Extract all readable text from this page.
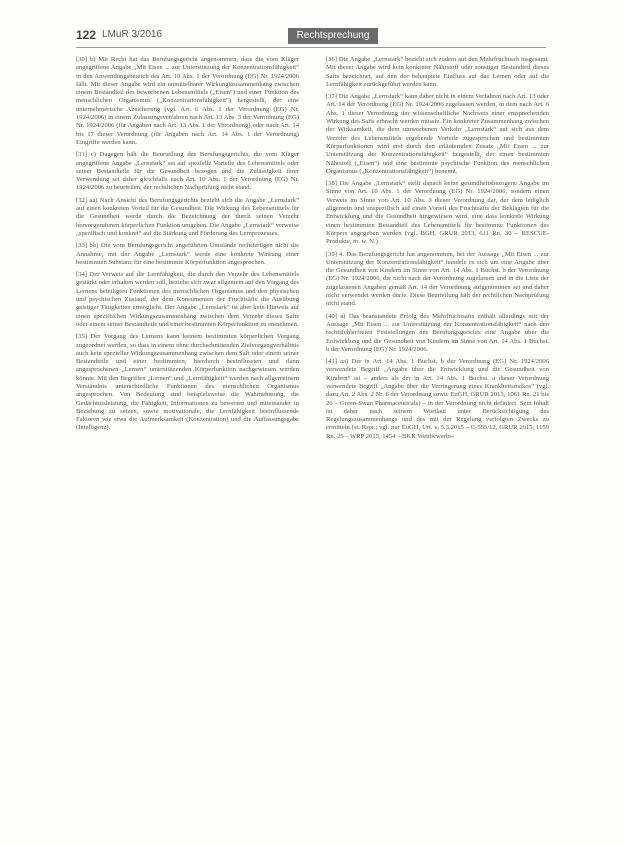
122 LMuR 3/2016	Rechtsprechung

[30] b) Mit Recht hat das Berufungsgericht angenommen, dass die vom Kläger angegriffene Angabe „Mit Eisen ... zur Unterstützung der Konzentrationsfähigkeit“ in den Anwendungsbereich des Art. 10 Abs. 1 der Verordnung (EG) Nr. 1924/2006 fällt. Mit dieser Angabe wird ein unmittelbarer Wirkungszusammenhang zwischen einem Bestandteil des beworbenen Lebensmittels („Eisen“) und einer Funktion des menschlichen Organismus („Konzentrationsfähigkeit“) hergestellt, der eine unternehmerische Absicherung (vgl. Art. 6 Abs. 1 der Verordnung (EG) Nr. 1924/2006) in einem Zulassungsverfahren nach Art. 13 Abs. 3 der Verordnung (EG) Nr. 1924/2006 (für Angaben nach Art. 13 Abs. 1 der Verordnung) oder nach Art. 14 bis 17 dieser Verordnung (für Angaben nach Art. 14 Abs. 1 der Verordnung) Eingriffe werden kann.

[31] c) Dagegen hält die Beurteilung des Berufungsgerichts, die vom Kläger angegriffene Angabe „Lernstark“ sei auf spezielle Vorteile des Lebensmittels oder seiner Bestandteile für die Gesundheit bezogen und die Zulässigkeit ihrer Verwendung sei daher gleichfalls nach Art. 10 Abs. 1 der Verordnung (EG) Nr. 1924/2006 zu beurteilen, der rechtlichen Nachprüfung nicht stand.

[32] aa) Nach Ansicht des Berufungsgerichts bezieht sich die Angabe „Lernstark“ auf einen konkreten Vorteil für die Gesundheit. Die Wirkung des Lebensmittels für die Gesundheit werde durch die Bezeichnung der durch seinen Verzehr hervorgerufenen körperlichen Funktion umgeben. Die Angabe „Lernstark“ verweise „spezifisch und konkret“ auf die Stärkung und Förderung des Lernprozesses.

[33] bb) Die vom Berufungsgericht angeführten Umstände rechtfertigen nicht die Annahme, mit der Angabe „Lernstark“ werde eine konkrete Wirkung einer bestimmten Substanz für eine bestimmte Körperfunktion angesprochen.

[34] Der Verweis auf die Lernfähigkeit, die durch den Verzehr des Lebensmittels gestärkt oder erhalten werden soll, beziehe sich zwar allgemein auf den Vorgang des Lernens beteiligten Funktionen des menschlichen Organismus und den physischen und psychischen Zustand, der dem Konsumenten der Fruchtsäfte die Ausübung geistiger Tätigkeiten ermöglicht. Der Angabe „Lernstark“ ist aber kein Hinweis auf einen spezifischen Wirkungszusammenhang zwischen dem Verzehr dieses Safts oder einem seiner Bestandteile und einer bestimmten Körperfunktion zu entnehmen.

[35] Der Vorgang des Lernens kann keinem bestimmten körperlichen Vorgang zugeordnet werden, so dass in einem ohne durchschnittenden Zielvorgangverhältnis auch kein spezieller Wirkungszusammenhang zwischen dem Saft oder einem seiner Bestandteile und einer bestimmten, hierdurch beeinflussten und dann angesprochenen „Lernen“ unterstützenden Körperfunktion nachgewiesen werden könnte. Mit den Begriffen „Lernen“ und „Lernfähigkeit“ werden nach allgemeinem Verständnis unterschiedliche Funktionen des menschlichen Organismus angesprochen. Von Bedeutung sind beispielsweise die Wahrnehmung, die Gedächtnisleistung, die Fähigkeit, Informationen zu bewerten und miteinander in Beziehung zu setzen, sowie motivationale, die Lernfähigkeit beeinflussende Faktoren wie etwa die Aufmerksamkeit (Konzentration) und die Auffassungsgabe (Intelligenz).

[36] Die Angabe „Lernstark“ bezieht sich zudem auf den Mehrfruchtsaft insgesamt. Mit dieser Angabe wird kein konkreter Nährstoff oder sonstiger Bestandteil dieses Safts bezeichnet, auf den der behauptete Einfluss auf das Lernen oder auf die Lernfähigkeit zurückgeführt werden kann.

[37] Die Angabe „Lernstark“ kann daher nicht in einem Verfahren nach Art. 13 oder Art. 14 der Verordnung (EG) Nr. 1924/2006 zugelassen werden, in dem nach Art. 6 Abs. 1 dieser Verordnung der wissenschaftliche Nachweis einer entsprechenden Wirkung des Safts erbracht werden müsste. Ein konkreter Zusammenhang zwischen der Wirksamkeit, die dem umworbenen Verkehr „Lernstark“ auf sich aus dem Verzehr des Lebensmittels ergebende Vorteile zugesprochen und bestimmten Körperfunktionen wird erst durch den erläuternden Zusatz „Mit Eisen ... zur Unterstützung der Konzentrationsfähigkeit“ hergestellt, der einen bestimmten Nährstoff („Eisen“) und eine bestimmte psychische Funktion des menschlichen Organismus („Konzentrationsfähigkeit“) benennt.

[38] Die Angabe „Lernstark“ stellt danach keine gesundheitsbezogene Angabe im Sinne von Art. 10 Abs. 1 der Verordnung (EG) Nr. 1924/2006, sondern einen Verweis im Sinne von Art. 10 Abs. 3 dieser Verordnung dar, der dem lediglich allgemein und unspezifisch auf einen Vorteil des Fruchtsafts der Beklagten für die Entwicklung und die Gesundheit hingewiesen wird, eine dass konkrete Wirkung einen bestimmten Bestandteil des Lebensmittels für bestimmte Funktionen des Körpers angegeben werden (vgl. BGH, GRUR 2013, 611 Rn. 30 – RESCUE-Produkte, m. w. N.).

[39] 4. Das Berufungsgericht hat angenommen, bei der Aussage „Mit Eisen ... zur Unterstützung der Konzentrationsfähigkeit“ handele es sich um eine Angabe über die Gesundheit von Kindern im Sinne von Art. 14 Abs. 1 Buchst. b der Verordnung (EG) Nr. 1924/2006, die nicht nach der Verordnung zugelassen und in die Liste der zugelassenen Angaben gemäß Art. 14 der Verordnung aufgenommen sei und daher nicht verwendet werden dürfe. Diese Beurteilung hält der rechtlichen Nachprüfung nicht stand.

[40] a) Das beanstandete Erfolg des Mehrfruchtsafts enthält allerdings mit der Aussage „Mit Eisen ... zur Unterstützung der Konzentrationsfähigkeit“ nach den rechtsfehlerfreien Feststellungen des Berufungsgerichts eine Angabe über die Entwicklung und die Gesundheit von Kindern im Sinne von Art. 14 Abs. 1 Buchst. b der Verordnung (EG) Nr. 1924/2006.

[41] aa) Der in Art. 14 Abs. 1 Buchst. b der Verordnung (EG) Nr. 1924/2006 verwendete Begriff „Angabe über die Entwicklung und die Gesundheit von Kindern“ ist – anders als der in Art. 14 Abs. 1 Buchst. a dieser Verordnung verwendete Begriff „Angabe über die Verringerung eines Krankheitsrisikos“ (vgl. dazu Art. 2 Abs. 2 Nr. 6 der Verordnung sowie EuGH, GRUR 2013, 1061 Rn. 21 bis 26 – Green-Swan Pharmaceuticals) – in der Verordnung nicht definiert. Sein Inhalt ist daher nach seinem Wortlaut unter Berücksichtigung des Regelungszusammenhangs und des mit der Regelung verfolgten Zwecks zu ermitteln (st. Rspr.; vgl. nur EuGH, Urt. v. 5.3.2015 – C-585/12, GRUR 2015, 1159 Rn. 25 – WRP 2015, 1454 – BKK Wettbewerbs-
